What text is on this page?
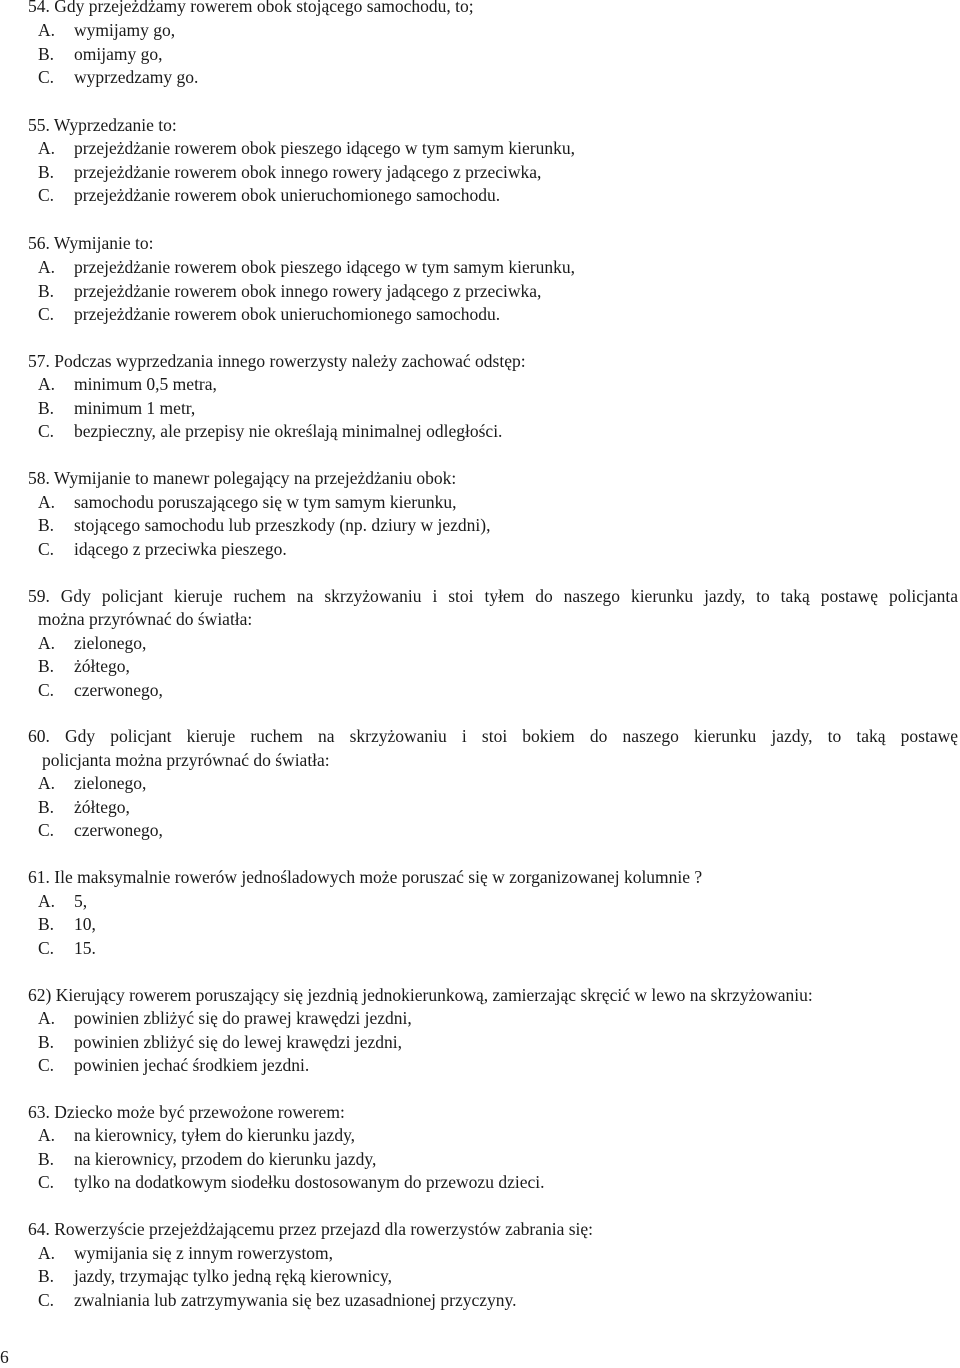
54. Gdy przejeżdżamy rowerem obok stojącego samochodu, to;
A. wymijamy go,
B. omijamy go,
C. wyprzedzamy go.
55. Wyprzedzanie to:
A. przejeżdżanie rowerem obok pieszego idącego w tym samym kierunku,
B. przejeżdżanie rowerem obok innego rowery jadącego z przeciwka,
C. przejeżdżanie rowerem obok unieruchomionego samochodu.
56. Wymijanie to:
A. przejeżdżanie rowerem obok pieszego idącego w tym samym kierunku,
B. przejeżdżanie rowerem obok innego rowery jadącego z przeciwka,
C. przejeżdżanie rowerem obok unieruchomionego samochodu.
57. Podczas wyprzedzania innego rowerzysty należy zachować odstęp:
A. minimum 0,5 metra,
B. minimum 1 metr,
C. bezpieczny, ale przepisy nie określają minimalnej odległości.
58. Wymijanie to manewr polegający na przejeżdżaniu obok:
A. samochodu poruszającego się w tym samym kierunku,
B. stojącego samochodu lub przeszkody (np. dziury w jezdni),
C. idącego z przeciwka pieszego.
59. Gdy policjant kieruje ruchem na skrzyżowaniu i stoi tyłem do naszego kierunku jazdy, to taką postawę policjanta
można przyrównać do światła:
A. zielonego,
B. żółtego,
C. czerwonego,
60. Gdy policjant kieruje ruchem na skrzyżowaniu i stoi bokiem do naszego kierunku jazdy, to taką postawę
policjanta można przyrównać do światła:
A. zielonego,
B. żółtego,
C. czerwonego,
61. Ile maksymalnie rowerów jednośladowych może poruszać się w zorganizowanej kolumnie ?
A. 5,
B. 10,
C. 15.
62) Kierujący rowerem poruszający się jezdnią jednokierunkową, zamierzając skręcić w lewo na skrzyżowaniu:
A. powinien zbliżyć się do prawej krawędzi jezdni,
B. powinien zbliżyć się do lewej krawędzi jezdni,
C. powinien jechać środkiem jezdni.
63. Dziecko może być przewożone rowerem:
A. na kierownicy, tyłem do kierunku jazdy,
B. na kierownicy, przodem do kierunku jazdy,
C. tylko na dodatkowym siodełku dostosowanym do przewozu dzieci.
64. Rowerzyście przejeżdżającemu przez przejazd dla rowerzystów zabrania się:
A. wymijania się z innym rowerzystom,
B. jazdy, trzymając tylko jedną ręką kierownicy,
C. zwalniania lub zatrzymywania się bez uzasadnionej przyczyny.
6
